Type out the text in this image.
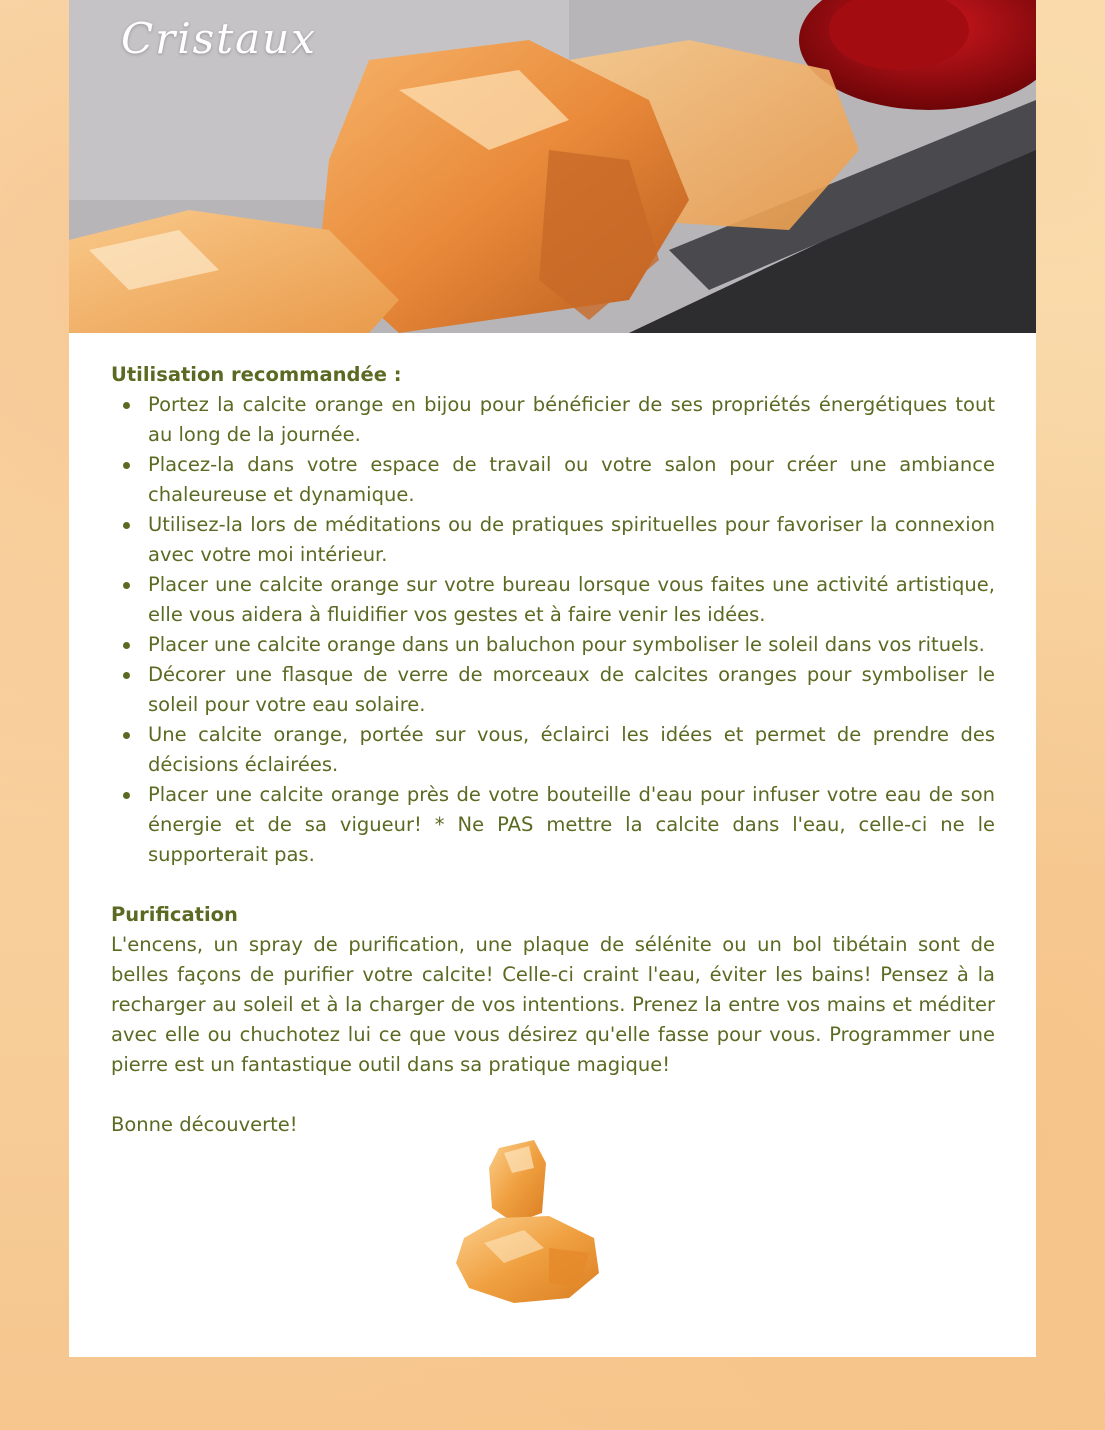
Cristaux

Utilisation recommandée :

Portez la calcite orange en bijou pour bénéficier de ses propriétés énergétiques tout au long de la journée.
Placez-la dans votre espace de travail ou votre salon pour créer une ambiance chaleureuse et dynamique.
Utilisez-la lors de méditations ou de pratiques spirituelles pour favoriser la connexion avec votre moi intérieur.
Placer une calcite orange sur votre bureau lorsque vous faites une activité artistique, elle vous aidera à fluidifier vos gestes et à faire venir les idées.
Placer une calcite orange dans un baluchon pour symboliser le soleil dans vos rituels.
Décorer une flasque de verre de morceaux de calcites oranges pour symboliser le soleil pour votre eau solaire.
Une calcite orange, portée sur vous, éclairci les idées et permet de prendre des décisions éclairées.
Placer une calcite orange près de votre bouteille d'eau pour infuser votre eau de son énergie et de sa vigueur! * Ne PAS mettre la calcite dans l'eau, celle-ci ne le supporterait pas.

Purification

L'encens, un spray de purification, une plaque de sélénite ou un bol tibétain sont de belles façons de purifier votre calcite! Celle-ci craint l'eau, éviter les bains! Pensez à la recharger au soleil et à la charger de vos intentions. Prenez la entre vos mains et méditer avec elle ou chuchotez lui ce que vous désirez qu'elle fasse pour vous. Programmer une pierre est un fantastique outil dans sa pratique magique!

Bonne découverte!
